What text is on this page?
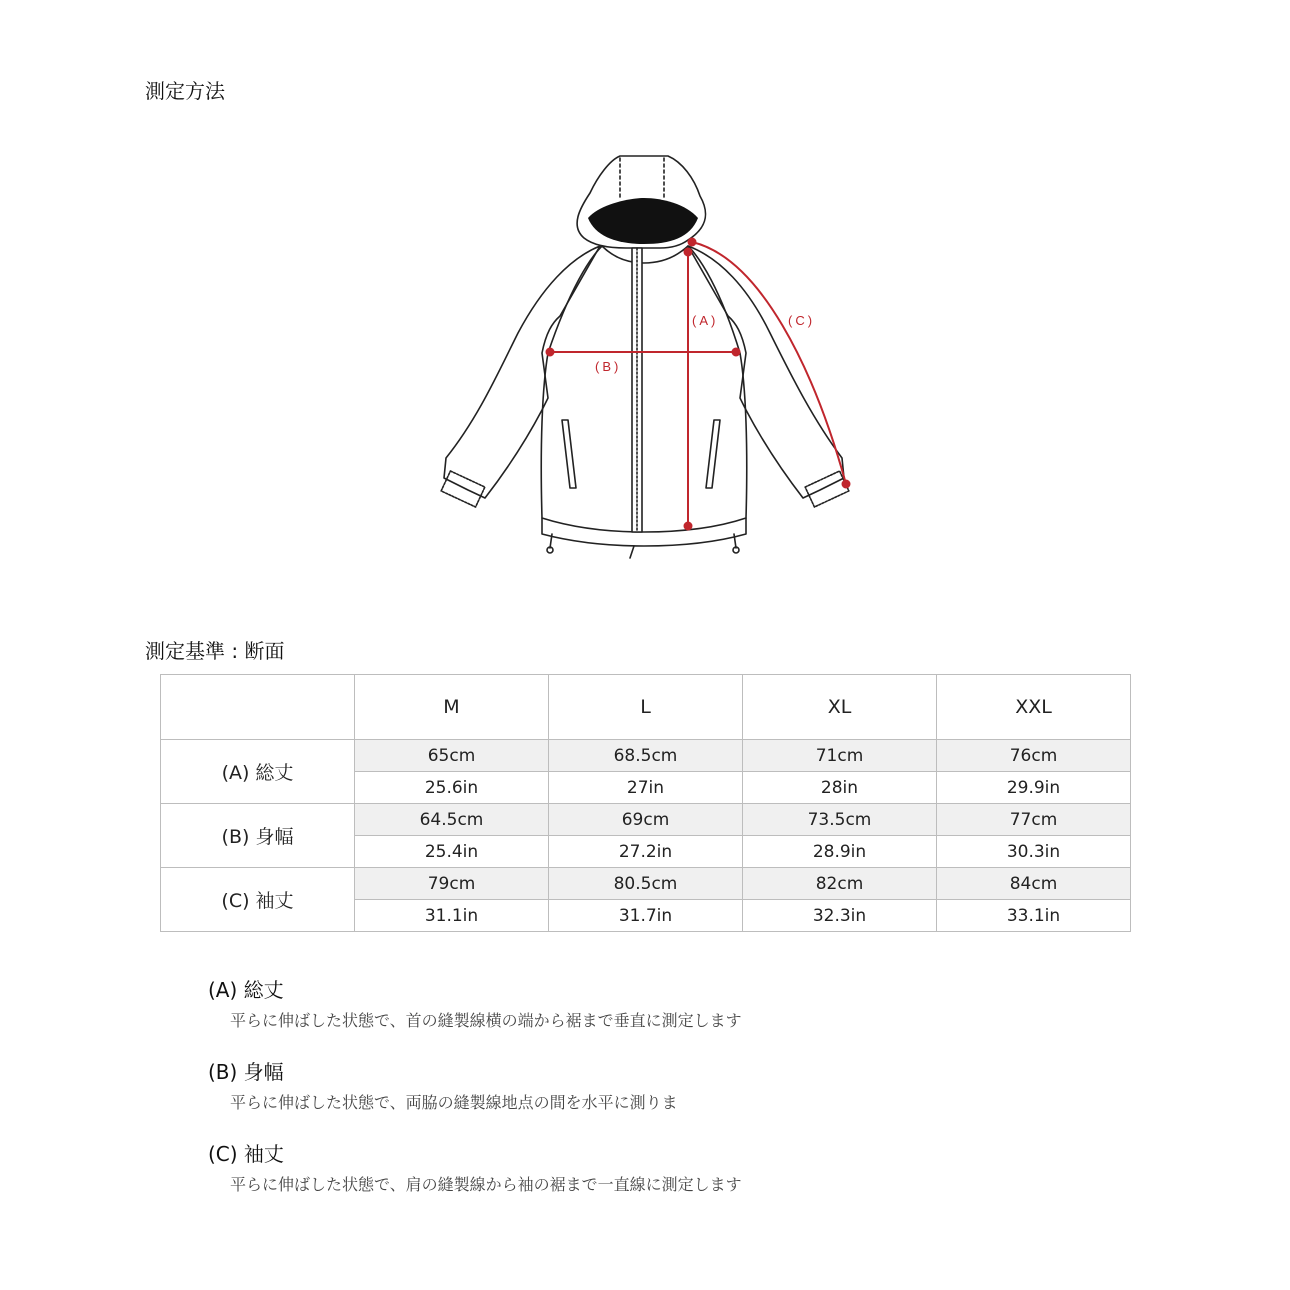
測定方法
(A)
(B)
(C)
測定基準 : 断面
	M	L	XL	XXL
(A) 総丈	65cm	68.5cm	71cm	76cm
	25.6in	27in	28in	29.9in
(B) 身幅	64.5cm	69cm	73.5cm	77cm
	25.4in	27.2in	28.9in	30.3in
(C) 袖丈	79cm	80.5cm	82cm	84cm
	31.1in	31.7in	32.3in	33.1in
(A) 総丈
平らに伸ばした状態で、首の縫製線横の端から裾まで垂直に測定します
(B) 身幅
平らに伸ばした状態で、両脇の縫製線地点の間を水平に測りま
(C) 袖丈
平らに伸ばした状態で、肩の縫製線から袖の裾まで一直線に測定します
